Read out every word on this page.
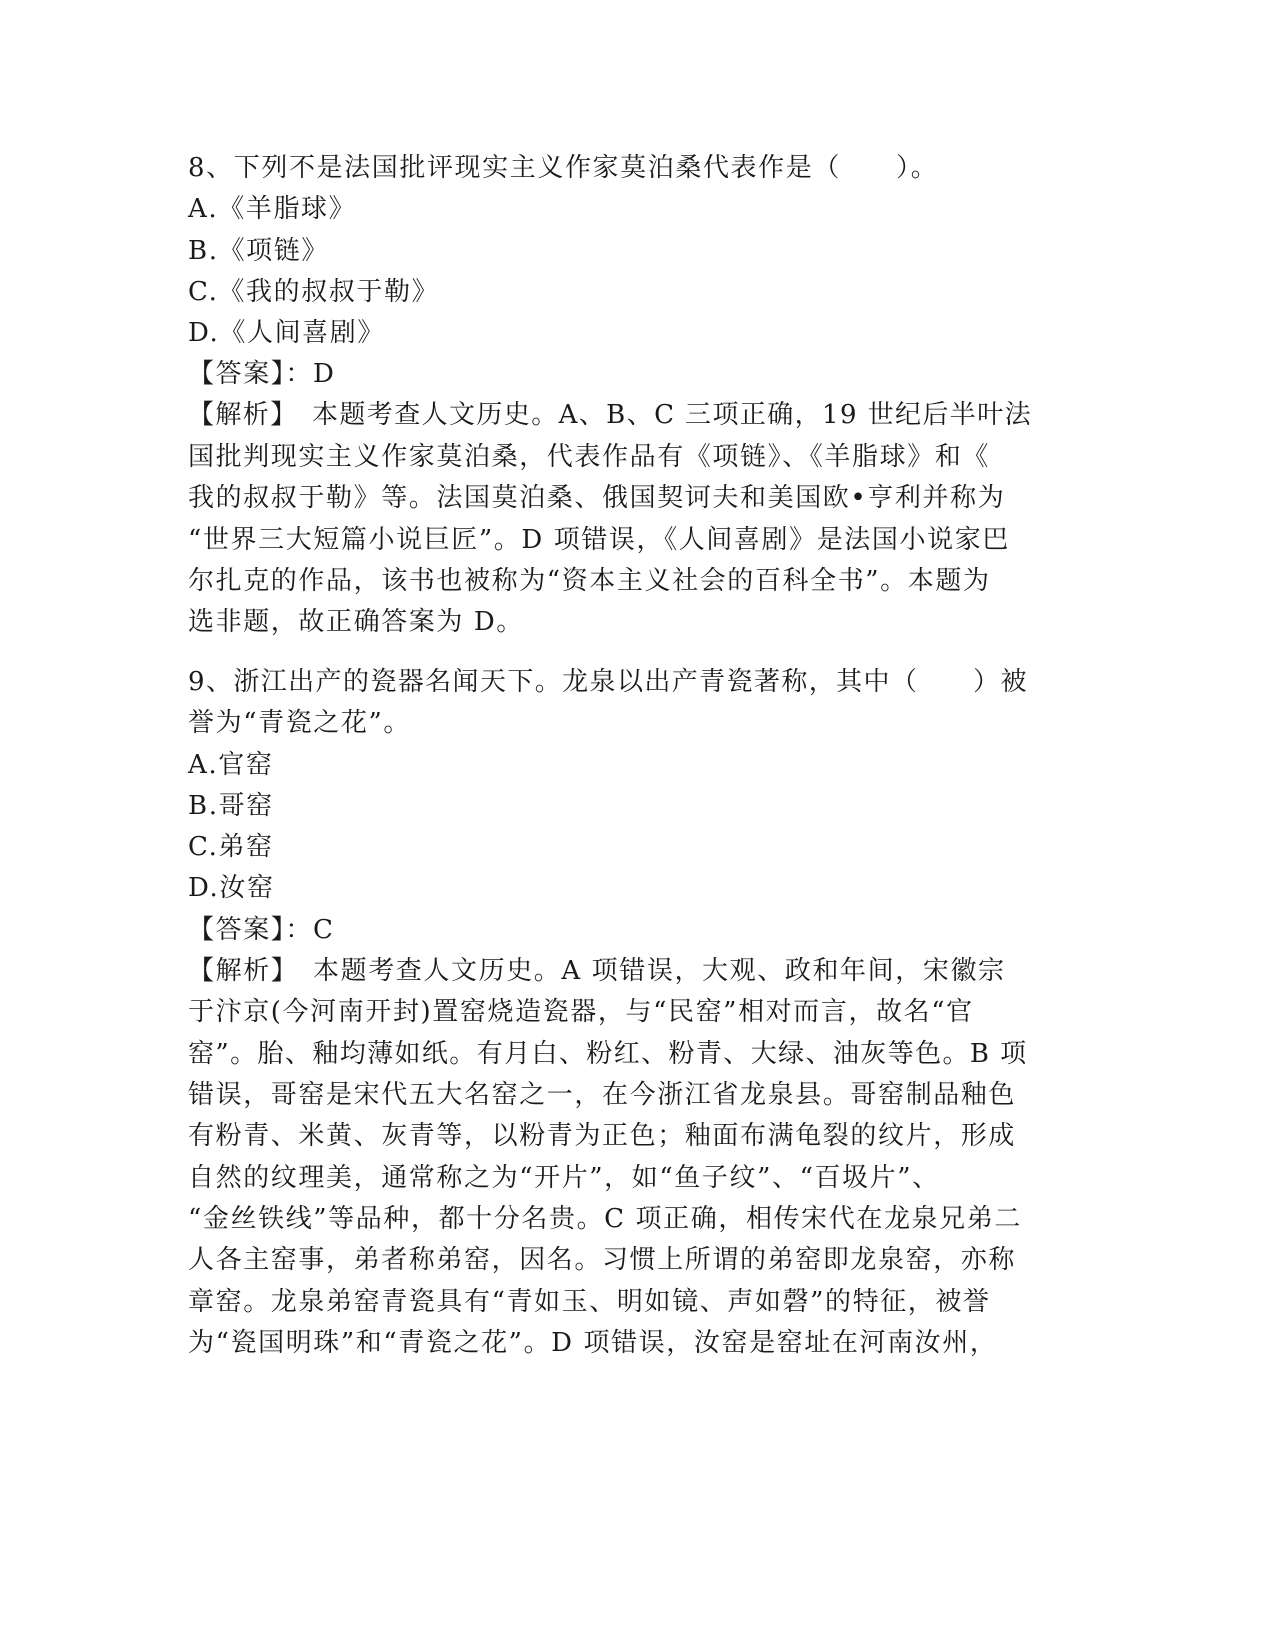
8、下列不是法国批评现实主义作家莫泊桑代表作是（　　）。
A.《羊脂球》
B.《项链》
C.《我的叔叔于勒》
D.《人间喜剧》
【答案】：D
【解析】　本题考查人文历史。A、B、C 三项正确，19 世纪后半叶法
国批判现实主义作家莫泊桑，代表作品有《项链》、《羊脂球》和《
我的叔叔于勒》等。法国莫泊桑、俄国契诃夫和美国欧•亨利并称为
“世界三大短篇小说巨匠”。D 项错误，《人间喜剧》是法国小说家巴
尔扎克的作品，该书也被称为“资本主义社会的百科全书”。本题为
选非题，故正确答案为 D。
9、浙江出产的瓷器名闻天下。龙泉以出产青瓷著称，其中（　　）被
誉为“青瓷之花”。
A.官窑
B.哥窑
C.弟窑
D.汝窑
【答案】：C
【解析】　本题考查人文历史。A 项错误，大观、政和年间，宋徽宗
于汴京(今河南开封)置窑烧造瓷器，与“民窑”相对而言，故名“官
窑”。胎、釉均薄如纸。有月白、粉红、粉青、大绿、油灰等色。B 项
错误，哥窑是宋代五大名窑之一，在今浙江省龙泉县。哥窑制品釉色
有粉青、米黄、灰青等，以粉青为正色；釉面布满龟裂的纹片，形成
自然的纹理美，通常称之为“开片”，如“鱼子纹”、“百圾片”、
“金丝铁线”等品种，都十分名贵。C 项正确，相传宋代在龙泉兄弟二
人各主窑事，弟者称弟窑，因名。习惯上所谓的弟窑即龙泉窑，亦称
章窑。龙泉弟窑青瓷具有“青如玉、明如镜、声如磬”的特征，被誉
为“瓷国明珠”和“青瓷之花”。D 项错误，汝窑是窑址在河南汝州，
